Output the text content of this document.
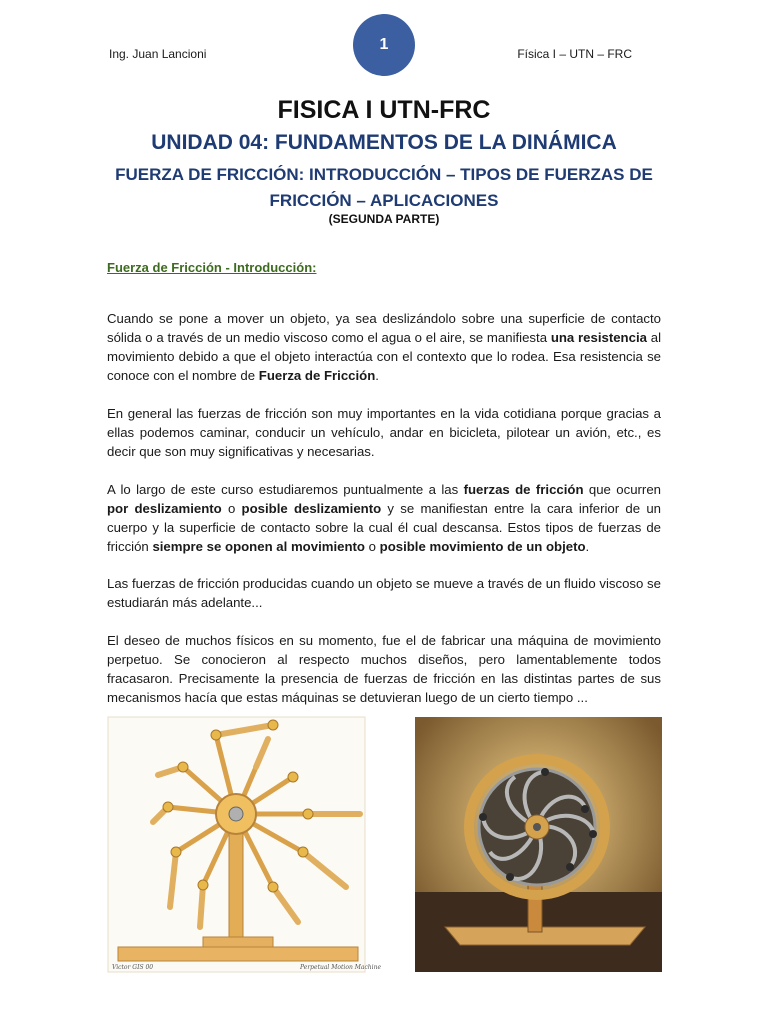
Ing. Juan Lancioni
1
Física I – UTN – FRC
FISICA I UTN-FRC
UNIDAD 04: FUNDAMENTOS DE LA DINÁMICA
FUERZA DE FRICCIÓN: INTRODUCCIÓN – TIPOS DE FUERZAS DE FRICCIÓN – APLICACIONES
(SEGUNDA PARTE)
Fuerza de Fricción - Introducción:
Cuando se pone a mover un objeto, ya sea deslizándolo sobre una superficie de contacto sólida o a través de un medio viscoso como el agua o el aire, se manifiesta una resistencia al movimiento debido a que el objeto interactúa con el contexto que lo rodea. Esa resistencia se conoce con el nombre de Fuerza de Fricción.
En general las fuerzas de fricción son muy importantes en la vida cotidiana porque gracias a ellas podemos caminar, conducir un vehículo, andar en bicicleta, pilotear un avión, etc., es decir que son muy significativas y necesarias.
A lo largo de este curso estudiaremos puntualmente a las fuerzas de fricción que ocurren por deslizamiento o posible deslizamiento y se manifiestan entre la cara inferior de un cuerpo y la superficie de contacto sobre la cual él cual descansa. Estos tipos de fuerzas de fricción siempre se oponen al movimiento o posible movimiento de un objeto.
Las fuerzas de fricción producidas cuando un objeto se mueve a través de un fluido viscoso se estudiarán más adelante...
El deseo de muchos físicos en su momento, fue el de fabricar una máquina de movimiento perpetuo. Se conocieron al respecto muchos diseños, pero lamentablemente todos fracasaron. Precisamente la presencia de fuerzas de fricción en las distintas partes de sus mecanismos hacía que estas máquinas se detuvieran luego de un cierto tiempo ...
Victor GIS 00	Perpetual Motion Machine
